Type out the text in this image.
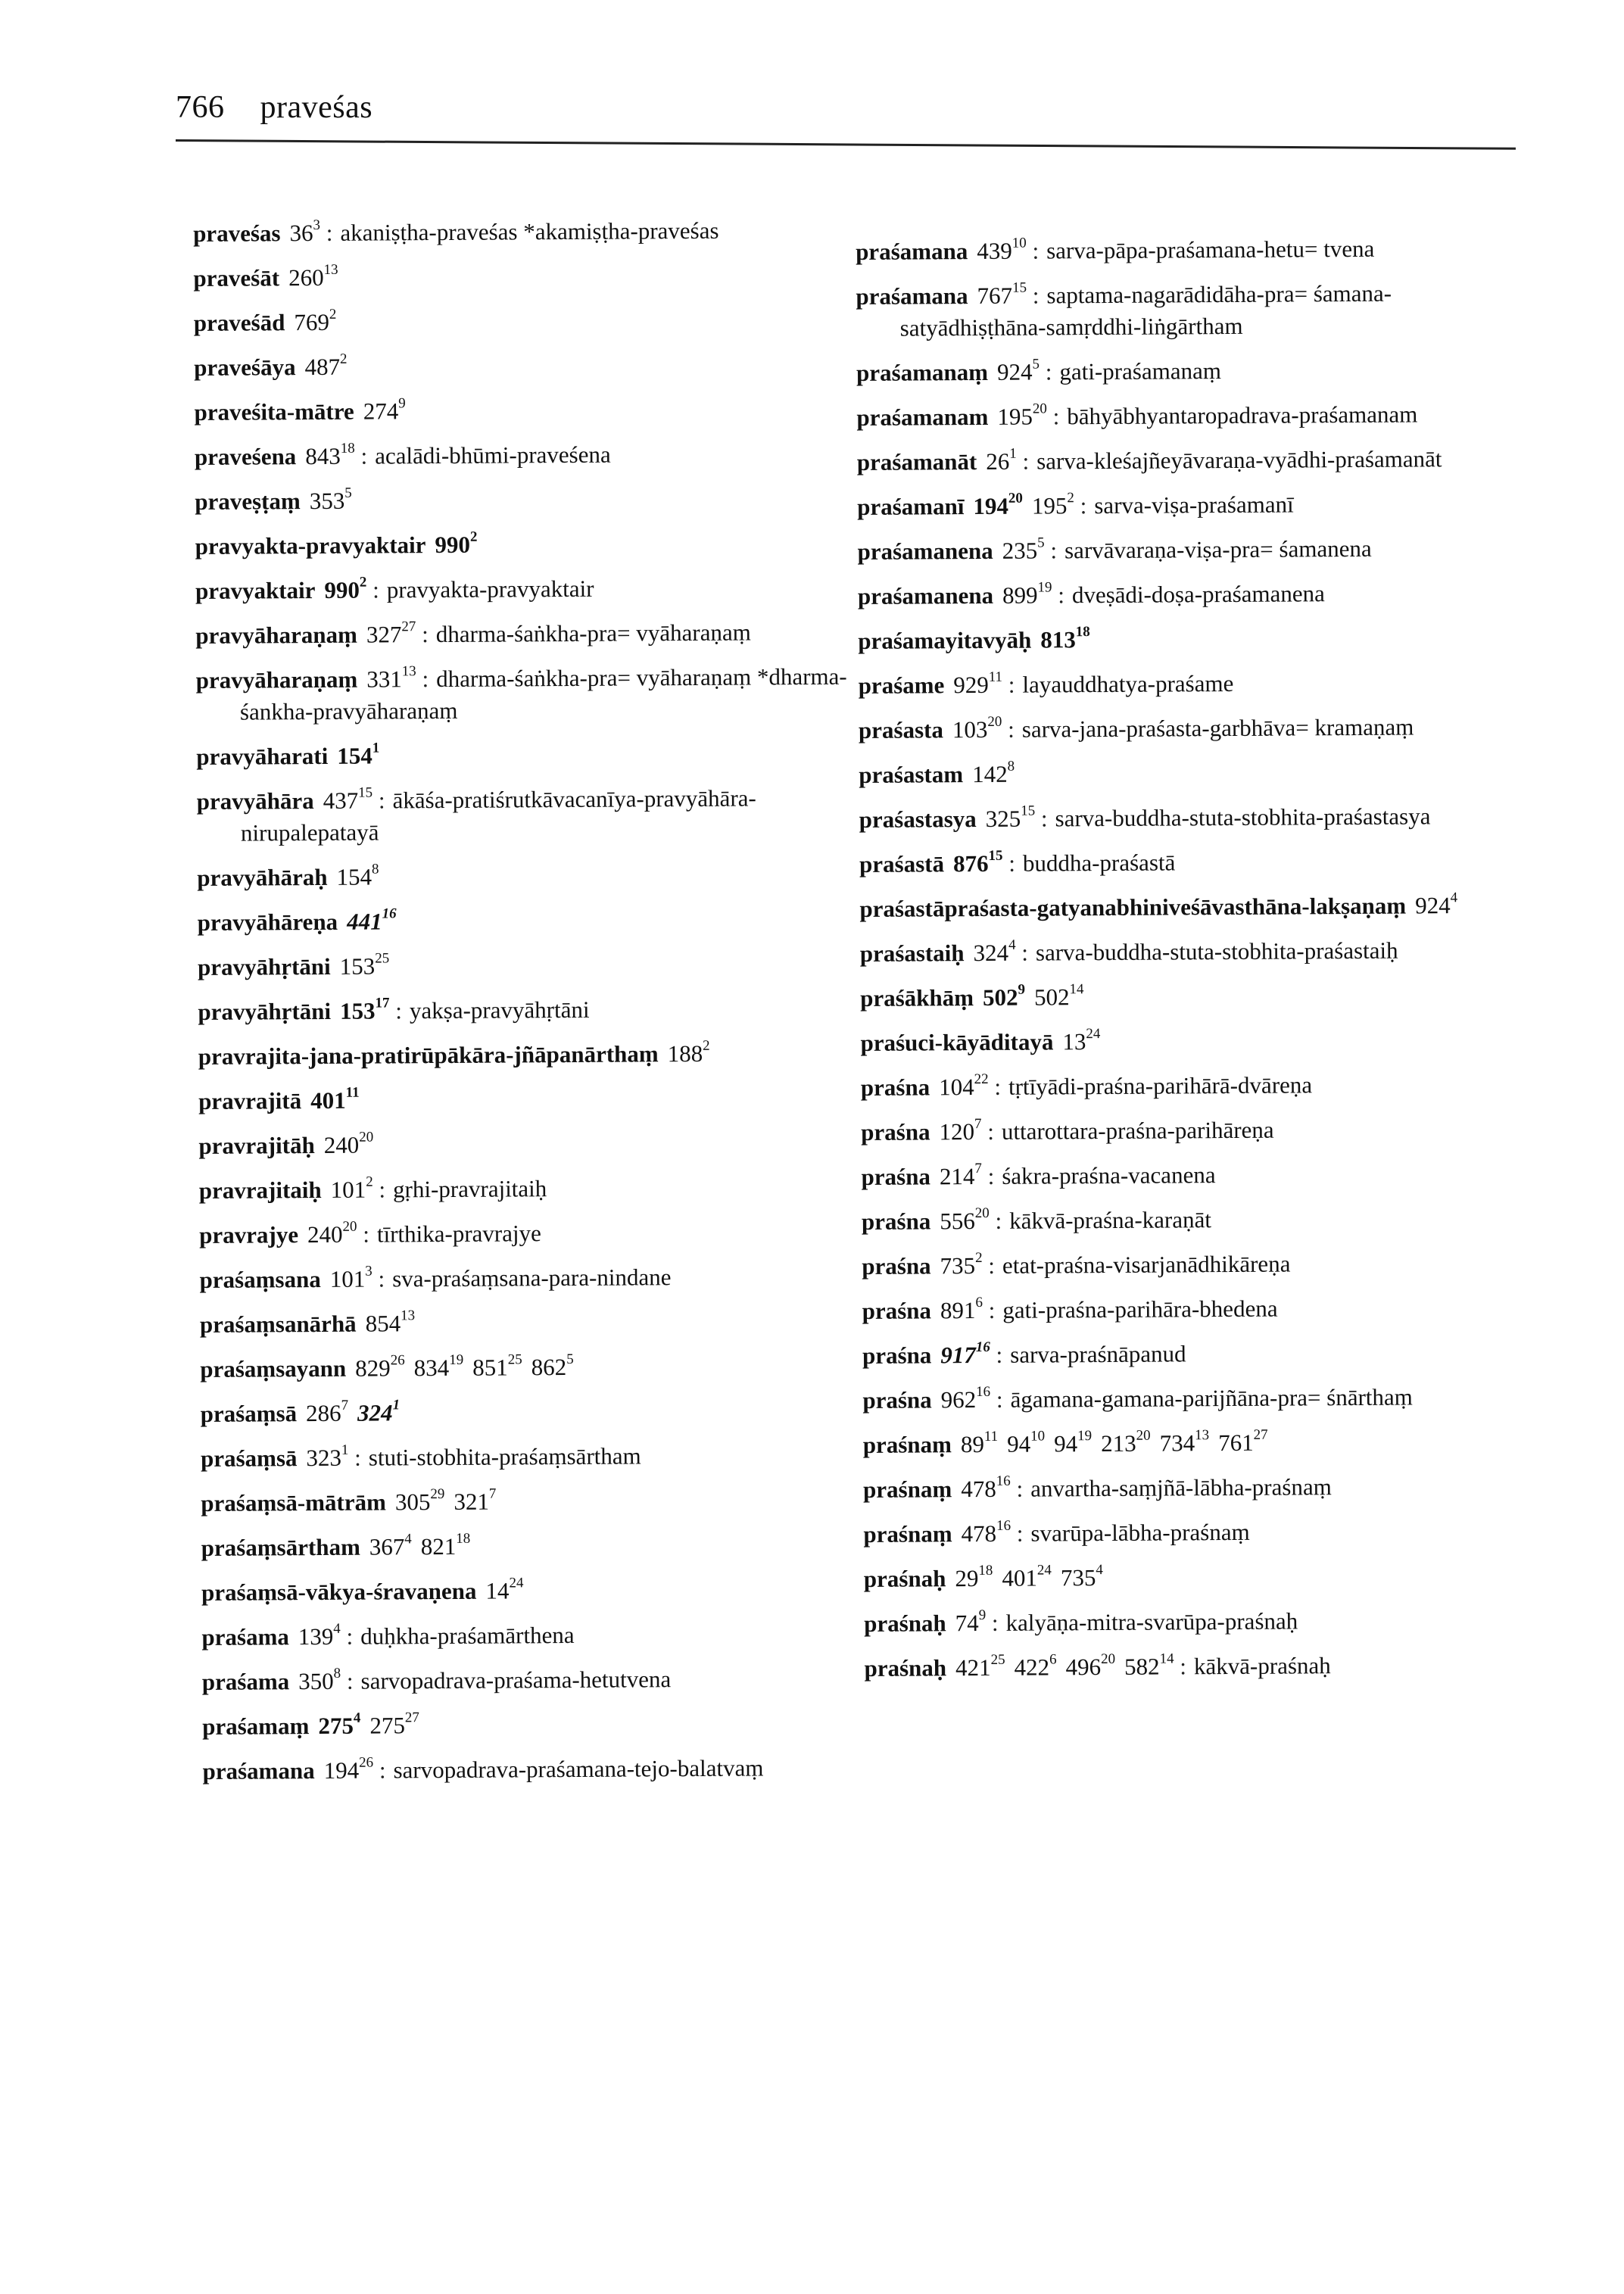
766 praveśas

praveśas $36^3$ : akaniṣṭha-praveśas *akamiṣṭha-praveśas

praveśāt $260^{13}$

praveśād $769^2$

praveśāya $487^2$

praveśita-mātre $274^9$

praveśena $843^{18}$ : acalādi-bhūmi-praveśena

praveṣṭaṃ $353^5$

pravyakta-pravyaktair $990^2$

pravyaktair $990^2$ : pravyakta-pravyaktair

pravyāharaṇaṃ $327^{27}$ : dharma-śaṅkha-pra= vyāharaṇaṃ

pravyāharaṇaṃ $331^{13}$ : dharma-śaṅkha-pra= vyāharaṇaṃ *dharma-śankha-pravyāharaṇaṃ

pravyāharati $154^1$

pravyāhāra $437^{15}$ : ākāśa-pratiśrutkāvacanīya-pravyāhāra-nirupalepatayā

pravyāhāraḥ $154^8$

pravyāhāreṇa $441^{16}$

pravyāhṛtāni $153^{25}$

pravyāhṛtāni $153^{17}$ : yakṣa-pravyāhṛtāni

pravrajita-jana-pratirūpākāra-jñāpanārthaṃ $188^2$

pravrajitā $401^{11}$

pravrajitāḥ $240^{20}$

pravrajitaiḥ $101^2$ : gṛhi-pravrajitaiḥ

pravrajye $240^{20}$ : tīrthika-pravrajye

praśaṃsana $101^3$ : sva-praśaṃsana-para-nindane

praśaṃsanārhā $854^{13}$

praśaṃsayann $829^{26}$ $834^{19}$ $851^{25}$ $862^5$

praśaṃsā $286^7$ $324^1$

praśaṃsā $323^1$ : stuti-stobhita-praśaṃsārtham

praśaṃsā-mātrām $305^{29}$ $321^7$

praśaṃsārtham $367^4$ $821^{18}$

praśaṃsā-vākya-śravaṇena $14^{24}$

praśama $139^4$ : duḥkha-praśamārthena

praśama $350^8$ : sarvopadrava-praśama-hetutvena

praśamaṃ $275^4$ $275^{27}$

praśamana $194^{26}$ : sarvopadrava-praśamana-tejo-balatvaṃ

praśamana $439^{10}$ : sarva-pāpa-praśamana-hetu= tvena

praśamana $767^{15}$ : saptama-nagarādidāha-pra= śamana-satyādhiṣṭhāna-samṛddhi-liṅgārtham

praśamanaṃ $924^5$ : gati-praśamanaṃ

praśamanam $195^{20}$ : bāhyābhyantaropadrava-praśamanam

praśamanāt $26^1$ : sarva-kleśajñeyāvaraṇa-vyādhi-praśamanāt

praśamanī $194^{20}$ $195^2$ : sarva-viṣa-praśamanī

praśamanena $235^5$ : sarvāvaraṇa-viṣa-pra= śamanena

praśamanena $899^{19}$ : dveṣādi-doṣa-praśamanena

praśamayitavyāḥ $813^{18}$

praśame $929^{11}$ : layauddhatya-praśame

praśasta $103^{20}$ : sarva-jana-praśasta-garbhāva= kramaṇaṃ

praśastam $142^8$

praśastasya $325^{15}$ : sarva-buddha-stuta-stobhita-praśastasya

praśastā $876^{15}$ : buddha-praśastā

praśastāpraśasta-gatyanabhiniveśāvasthāna-lakṣaṇaṃ $924^4$

praśastaiḥ $324^4$ : sarva-buddha-stuta-stobhita-praśastaiḥ

praśākhāṃ $502^9$ $502^{14}$

praśuci-kāyāditayā $13^{24}$

praśna $104^{22}$ : tṛtīyādi-praśna-parihārā-dvāreṇa

praśna $120^7$ : uttarottara-praśna-parihāreṇa

praśna $214^7$ : śakra-praśna-vacanena

praśna $556^{20}$ : kākvā-praśna-karaṇāt

praśna $735^2$ : etat-praśna-visarjanādhikāreṇa

praśna $891^6$ : gati-praśna-parihāra-bhedena

praśna $917^{16}$ : sarva-praśnāpanud

praśna $962^{16}$ : āgamana-gamana-parijñāna-pra= śnārthaṃ

praśnaṃ $89^{11}$ $94^{10}$ $94^{19}$ $213^{20}$ $734^{13}$ $761^{27}$

praśnaṃ $478^{16}$ : anvartha-saṃjñā-lābha-praśnaṃ

praśnaṃ $478^{16}$ : svarūpa-lābha-praśnaṃ

praśnaḥ $29^{18}$ $401^{24}$ $735^4$

praśnaḥ $74^9$ : kalyāṇa-mitra-svarūpa-praśnaḥ

praśnaḥ $421^{25}$ $422^6$ $496^{20}$ $582^{14}$ : kākvā-praśnaḥ
